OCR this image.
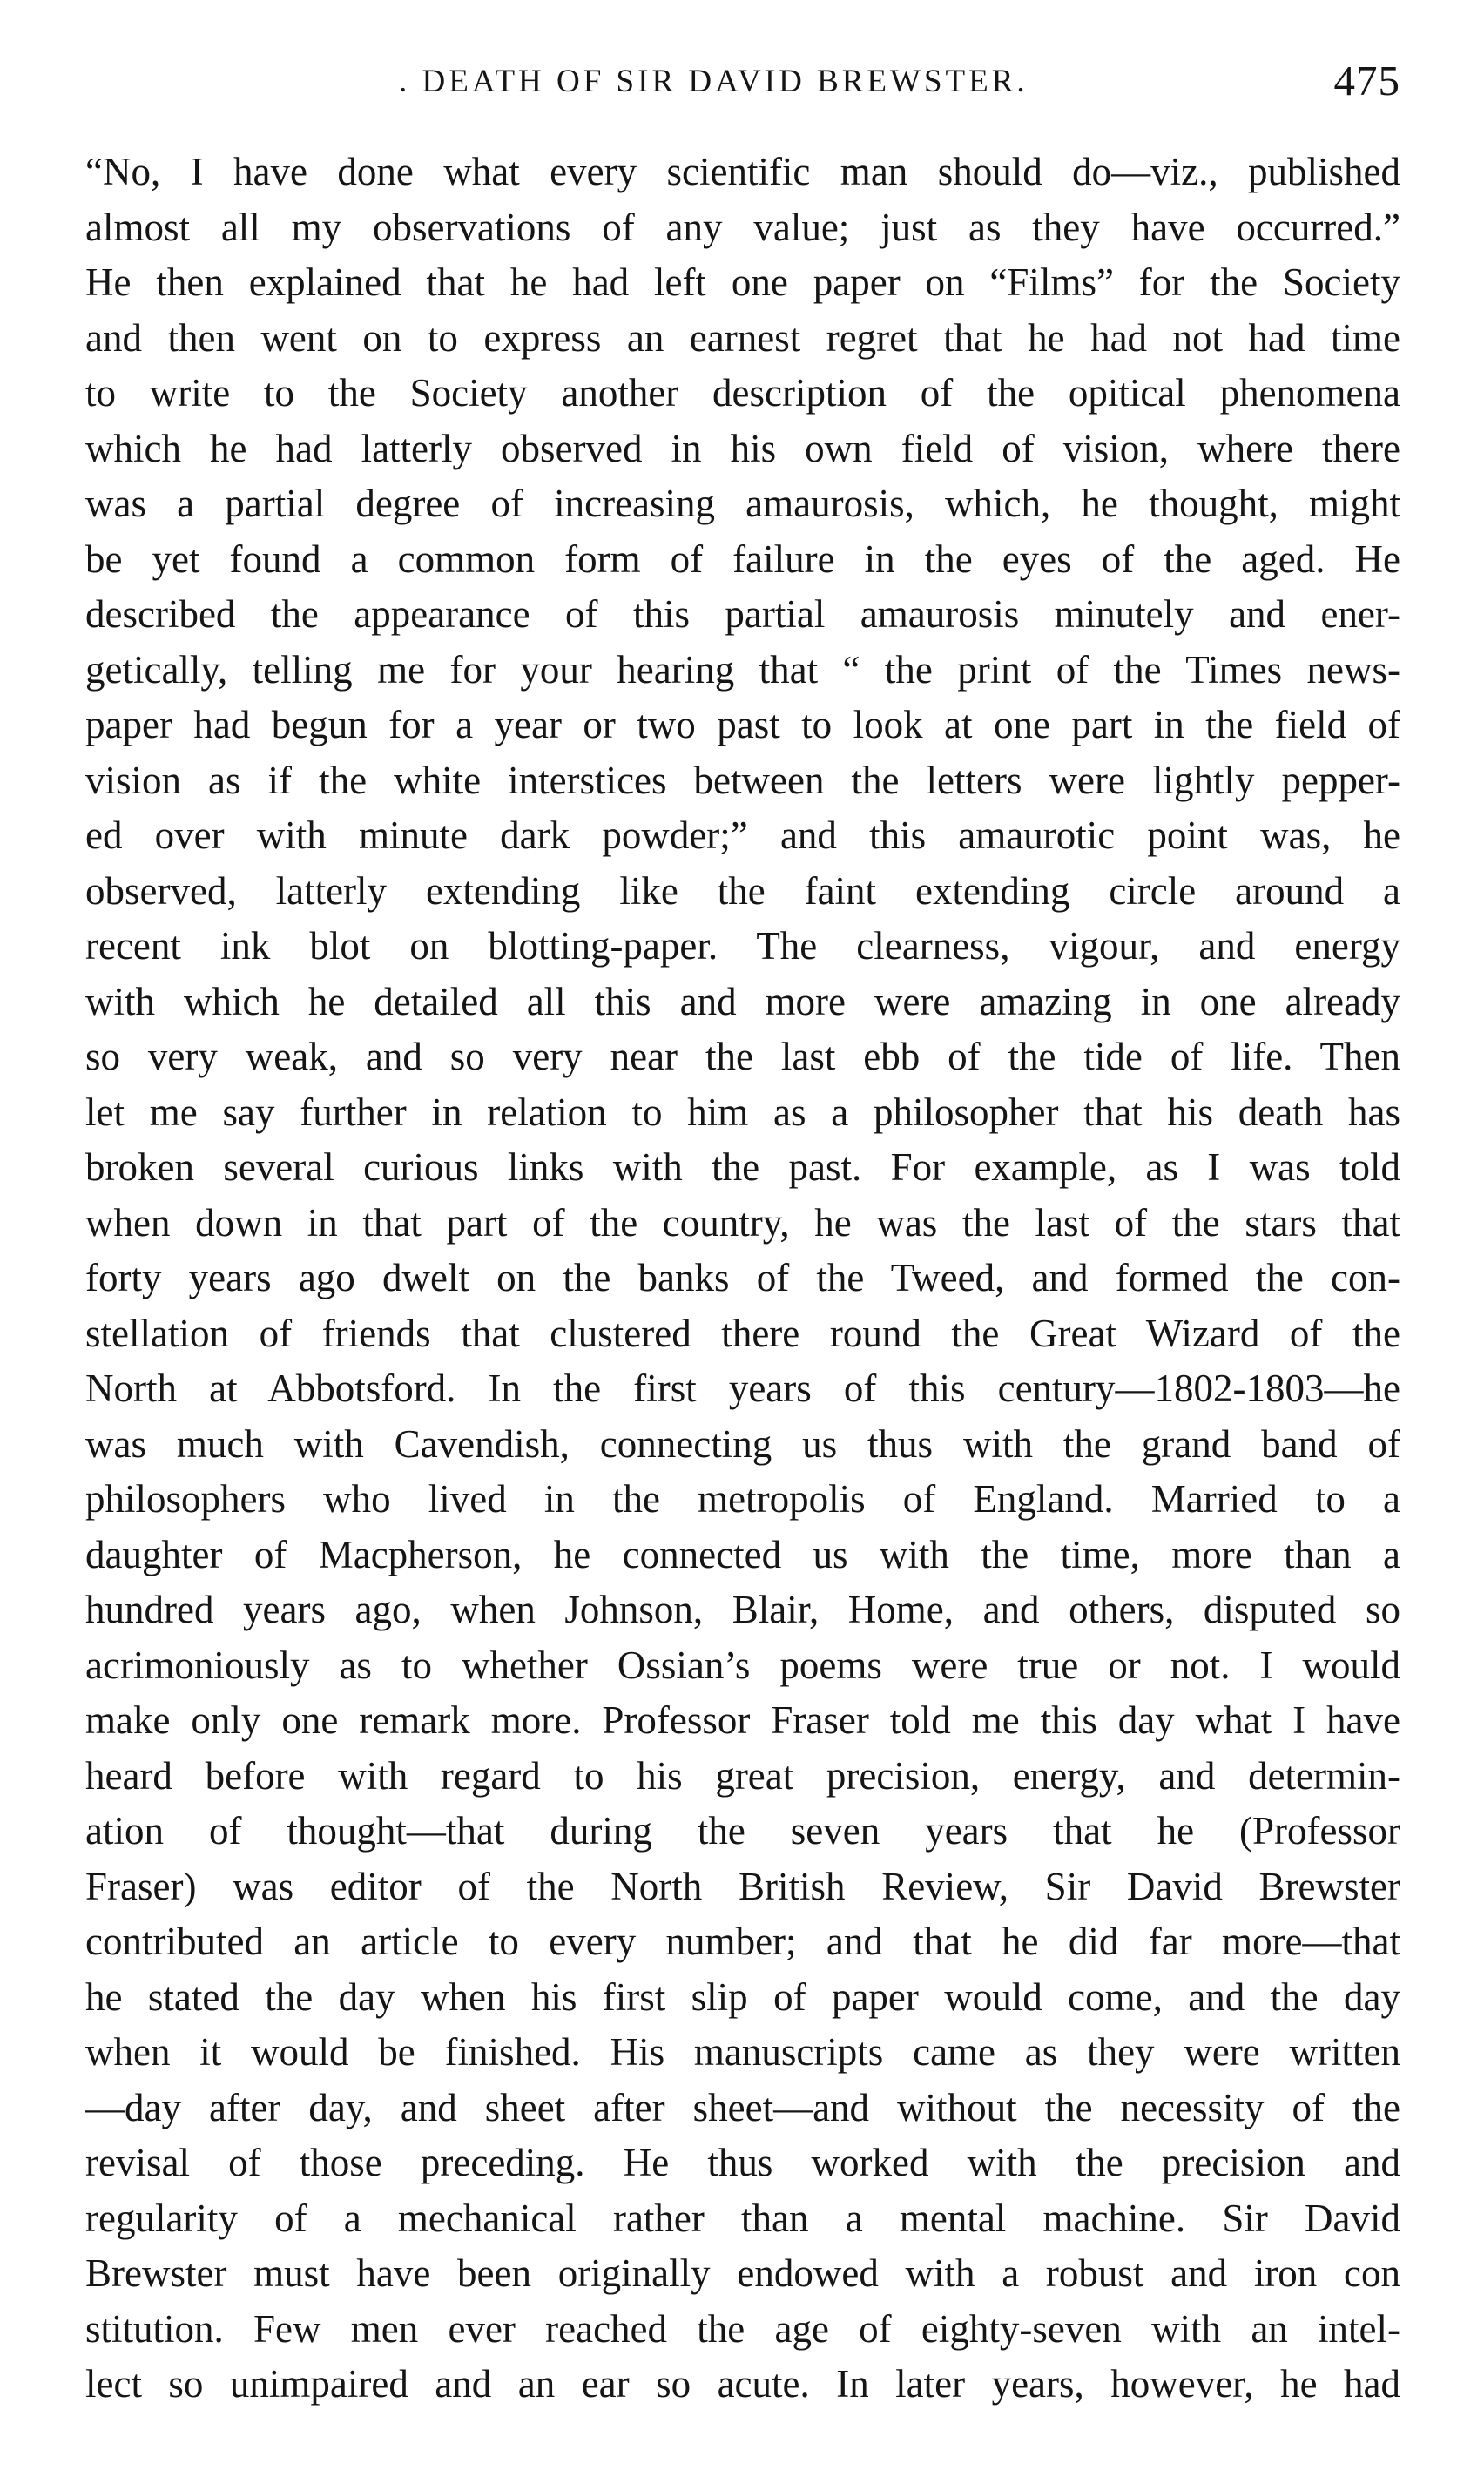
. DEATH OF SIR DAVID BREWSTER.	475
“No, I have done what every scientific man should do—viz., published
almost all my observations of any value; just as they have occurred.”
He then explained that he had left one paper on “Films” for the Society
and then went on to express an earnest regret that he had not had time
to write to the Society another description of the opitical phenomena
which he had latterly observed in his own field of vision, where there
was a partial degree of increasing amaurosis, which, he thought, might
be yet found a common form of failure in the eyes of the aged. He
described the appearance of this partial amaurosis minutely and ener-
getically, telling me for your hearing that “ the print of the Times news-
paper had begun for a year or two past to look at one part in the field of
vision as if the white interstices between the letters were lightly pepper-
ed over with minute dark powder;” and this amaurotic point was, he
observed, latterly extending like the faint extending circle around a
recent ink blot on blotting-paper. The clearness, vigour, and energy
with which he detailed all this and more were amazing in one already
so very weak, and so very near the last ebb of the tide of life. Then
let me say further in relation to him as a philosopher that his death has
broken several curious links with the past. For example, as I was told
when down in that part of the country, he was the last of the stars that
forty years ago dwelt on the banks of the Tweed, and formed the con-
stellation of friends that clustered there round the Great Wizard of the
North at Abbotsford. In the first years of this century—1802-1803—he
was much with Cavendish, connecting us thus with the grand band of
philosophers who lived in the metropolis of England. Married to a
daughter of Macpherson, he connected us with the time, more than a
hundred years ago, when Johnson, Blair, Home, and others, disputed so
acrimoniously as to whether Ossian’s poems were true or not. I would
make only one remark more. Professor Fraser told me this day what I have
heard before with regard to his great precision, energy, and determin-
ation of thought—that during the seven years that he (Professor
Fraser) was editor of the North British Review, Sir David Brewster
contributed an article to every number; and that he did far more—that
he stated the day when his first slip of paper would come, and the day
when it would be finished. His manuscripts came as they were written
—day after day, and sheet after sheet—and without the necessity of the
revisal of those preceding. He thus worked with the precision and
regularity of a mechanical rather than a mental machine. Sir David
Brewster must have been originally endowed with a robust and iron con
stitution. Few men ever reached the age of eighty-seven with an intel-
lect so unimpaired and an ear so acute. In later years, however, he had
